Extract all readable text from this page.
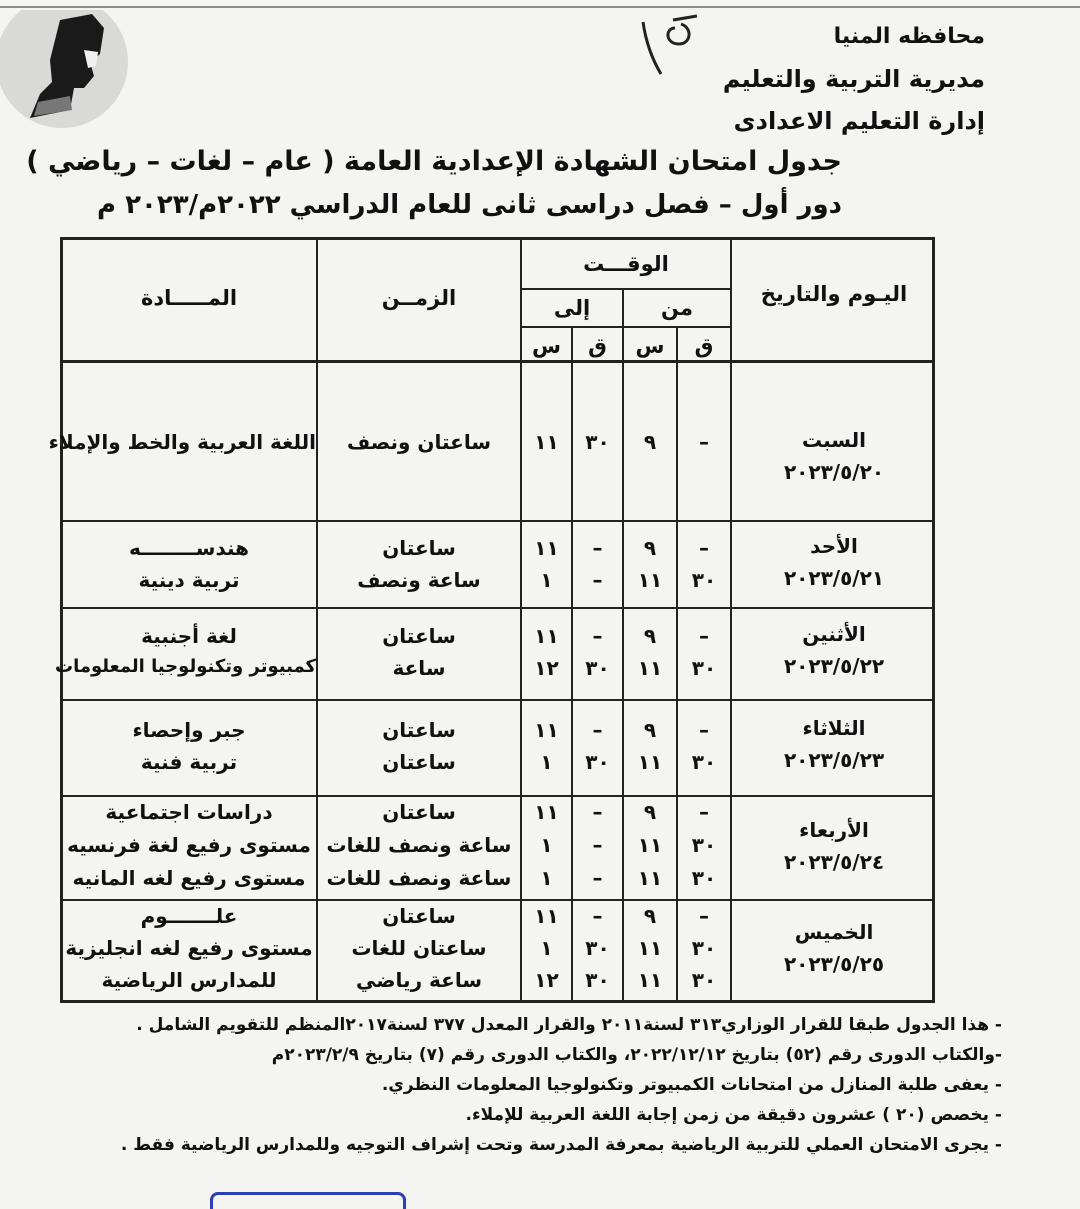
محافظه المنيا
مديرية التربية والتعليم
إدارة التعليم الاعدادى
جدول امتحان الشهادة الإعدادية العامة ( عام – لغات – رياضي )
دور أول – فصل دراسى ثانى للعام الدراسي ٢٠٢٢م/٢٠٢٣ م
اليـوم والتاريخ
الوقـــت
من
إلى
ق
س
ق
س
الزمــن
المـــــادة
السبت
٢٠٢٣/٥/٢٠
–
٩
٣٠
١١
ساعتان ونصف
اللغة العربية والخط والإملاء
الأحد
٢٠٢٣/٥/٢١
–
٩
–
١١
ساعتان
هندســــــــه
٣٠
١١
–
١
ساعة ونصف
تربية دينية
الأثنين
٢٠٢٣/٥/٢٢
–
٩
–
١١
ساعتان
لغة أجنبية
٣٠
١١
٣٠
١٢
ساعة
كمبيوتر وتكنولوجيا المعلومات
الثلاثاء
٢٠٢٣/٥/٢٣
–
٩
–
١١
ساعتان
جبر وإحصاء
٣٠
١١
٣٠
١
ساعتان
تربية فنية
الأربعاء
٢٠٢٣/٥/٢٤
–
٩
–
١١
ساعتان
دراسات اجتماعية
٣٠
١١
–
١
ساعة ونصف للغات
مستوى رفيع لغة فرنسيه
٣٠
١١
–
١
ساعة ونصف للغات
مستوى رفيع لغه المانيه
الخميس
٢٠٢٣/٥/٢٥
–
٩
–
١١
ساعتان
علـــــــوم
٣٠
١١
٣٠
١
ساعتان للغات
مستوى رفيع لغه انجليزية
٣٠
١١
٣٠
١٢
ساعة رياضي
للمدارس الرياضية
- هذا الجدول طبقا للقرار الوزاري٣١٣ لسنة٢٠١١ والقرار المعدل ٣٧٧ لسنة٢٠١٧المنظم للتقويم الشامل .
-والكتاب الدورى رقم (٥٢) بتاريخ ٢٠٢٢/١٢/١٢، والكتاب الدورى رقم (٧) بتاريخ ٢٠٢٣/٢/٩م
- يعفى طلبة المنازل من امتحانات الكمبيوتر وتكنولوجيا المعلومات النظري.
- يخصص (٢٠ ) عشرون دقيقة من زمن إجابة اللغة العربية للإملاء.
- يجرى الامتحان العملي للتربية الرياضية بمعرفة المدرسة وتحت إشراف التوجيه وللمدارس الرياضية فقط .
